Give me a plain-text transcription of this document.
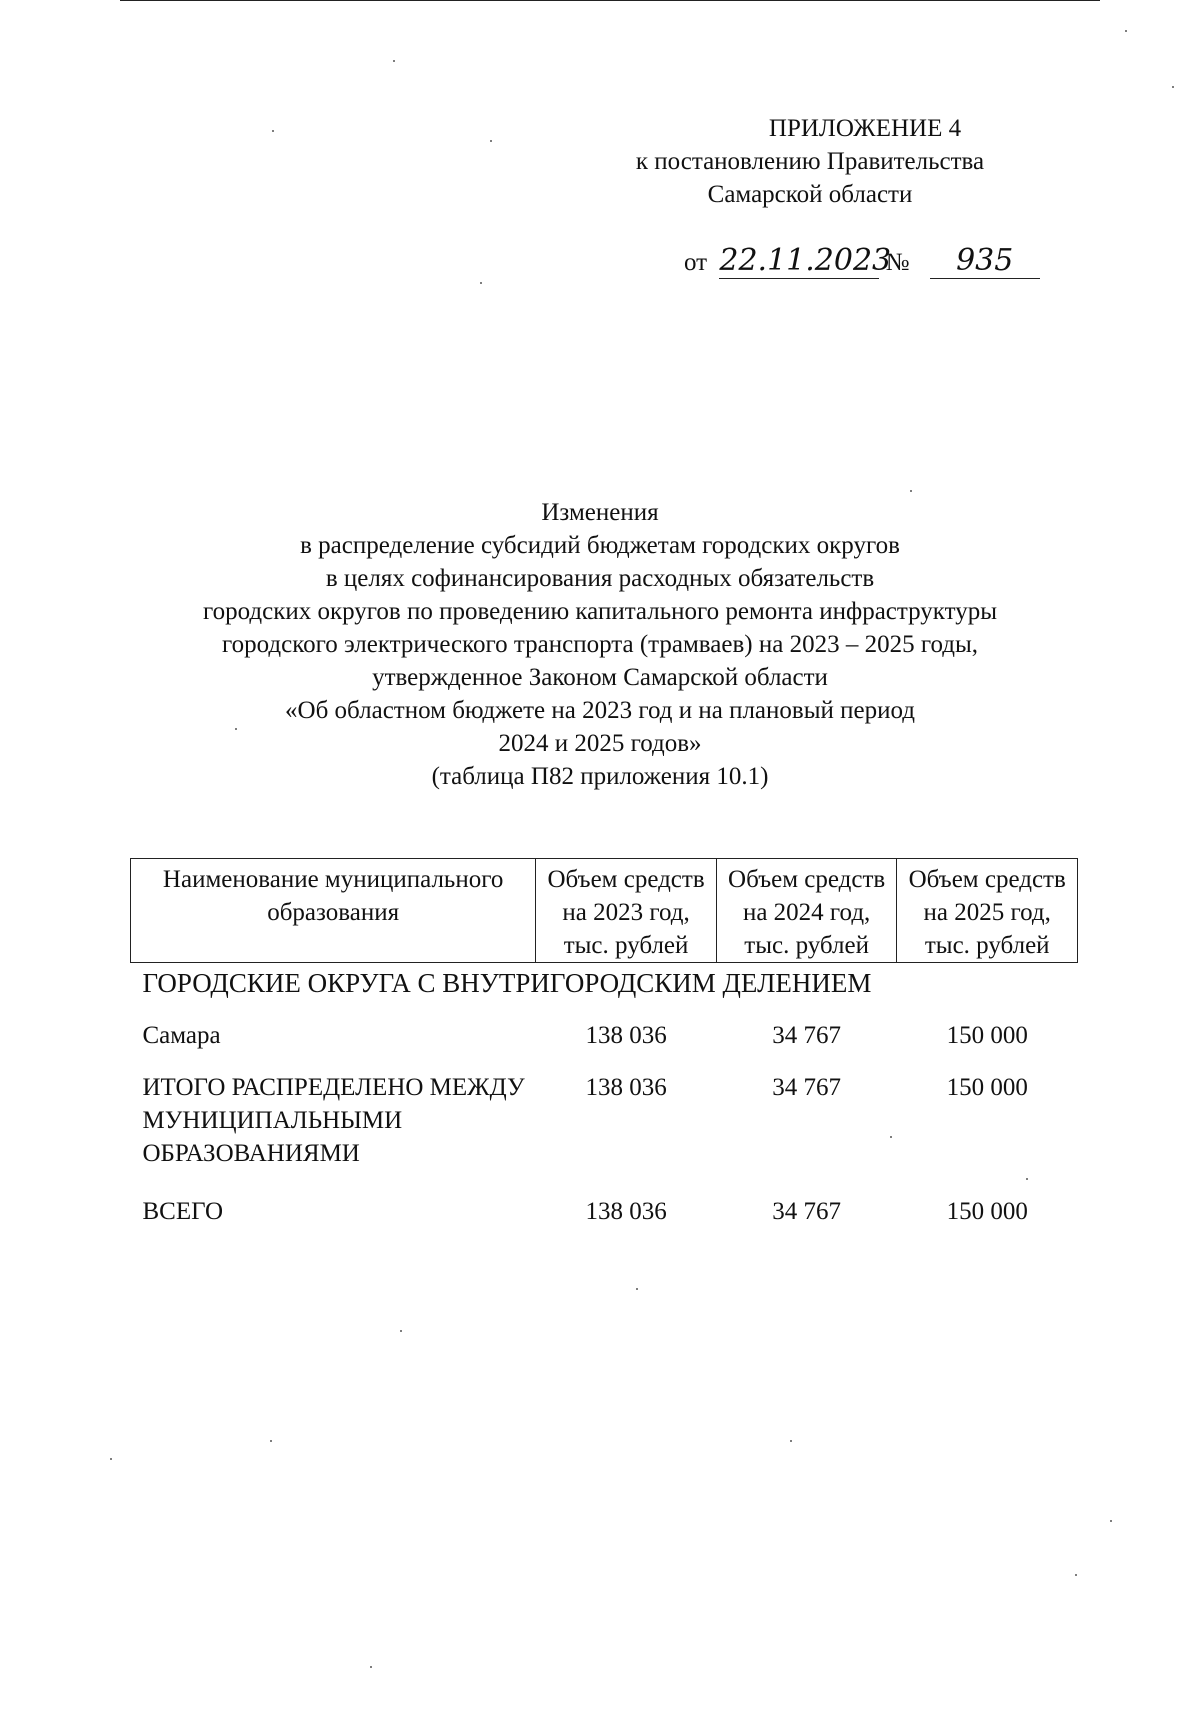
ПРИЛОЖЕНИЕ 4
к постановлению Правительства
Самарской области
от 22.11.2023 № 935
Изменения
в распределение субсидий бюджетам городских округов
в целях софинансирования расходных обязательств
городских округов по проведению капитального ремонта инфраструктуры
городского электрического транспорта (трамваев) на 2023 – 2025 годы,
утвержденное Законом Самарской области
«Об областном бюджете на 2023 год и на плановый период
2024 и 2025 годов»
(таблица П82 приложения 10.1)
Наименование муниципального образования	Объем средств на 2023 год, тыс. рублей	Объем средств на 2024 год, тыс. рублей	Объем средств на 2025 год, тыс. рублей
ГОРОДСКИЕ ОКРУГА С ВНУТРИГОРОДСКИМ ДЕЛЕНИЕМ			
Самара	138 036	34 767	150 000
ИТОГО РАСПРЕДЕЛЕНО МЕЖДУ МУНИЦИПАЛЬНЫМИ ОБРАЗОВАНИЯМИ	138 036	34 767	150 000
ВСЕГО	138 036	34 767	150 000
